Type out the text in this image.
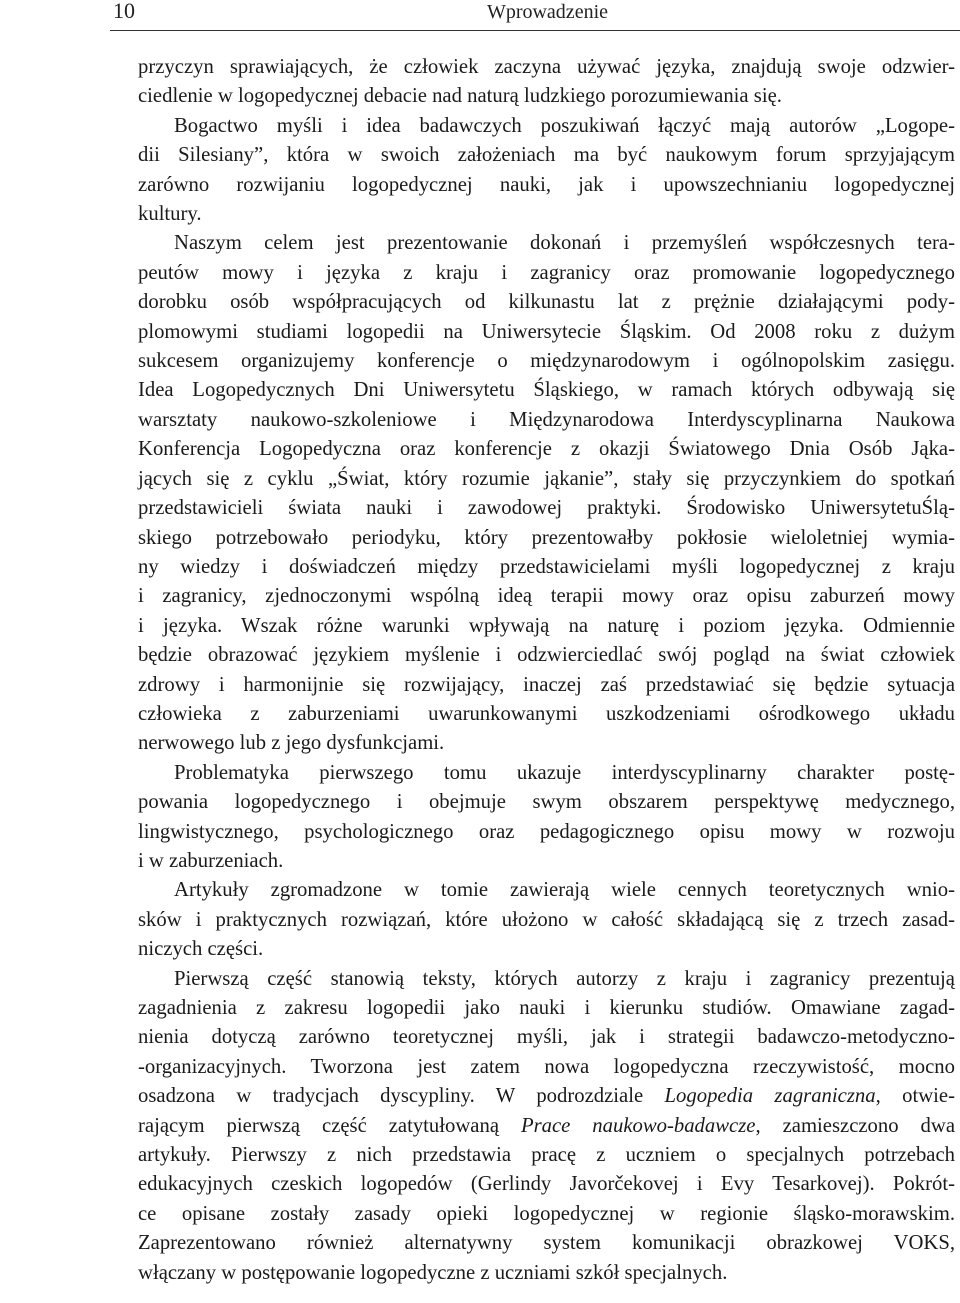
10	Wprowadzenie

przyczyn sprawiających, że człowiek zaczyna używać języka, znajdują swoje odzwier-
ciedlenie w logopedycznej debacie nad naturą ludzkiego porozumiewania się.

Bogactwo myśli i idea badawczych poszukiwań łączyć mają autorów „Logope-
dii Silesiany”, która w swoich założeniach ma być naukowym forum sprzyjającym
zarówno rozwijaniu logopedycznej nauki, jak i upowszechnianiu logopedycznej
kultury.

Naszym celem jest prezentowanie dokonań i przemyśleń współczesnych tera-
peutów mowy i języka z kraju i zagranicy oraz promowanie logopedycznego
dorobku osób współpracujących od kilkunastu lat z prężnie działającymi pody-
plomowymi studiami logopedii na Uniwersytecie Śląskim. Od 2008 roku z dużym
sukcesem organizujemy konferencje o międzynarodowym i ogólnopolskim zasięgu.
Idea Logopedycznych Dni Uniwersytetu Śląskiego, w ramach których odbywają się
warsztaty naukowo-szkoleniowe i Międzynarodowa Interdyscyplinarna Naukowa
Konferencja Logopedyczna oraz konferencje z okazji Światowego Dnia Osób Jąka-
jących się z cyklu „Świat, który rozumie jąkanie”, stały się przyczynkiem do spotkań
przedstawicieli świata nauki i zawodowej praktyki. Środowisko UniwersytetuŚlą-
skiego potrzebowało periodyku, który prezentowałby pokłosie wieloletniej wymia-
ny wiedzy i doświadczeń między przedstawicielami myśli logopedycznej z kraju
i zagranicy, zjednoczonymi wspólną ideą terapii mowy oraz opisu zaburzeń mowy
i języka. Wszak różne warunki wpływają na naturę i poziom języka. Odmiennie
będzie obrazować językiem myślenie i odzwierciedlać swój pogląd na świat człowiek
zdrowy i harmonijnie się rozwijający, inaczej zaś przedstawiać się będzie sytuacja
człowieka z zaburzeniami uwarunkowanymi uszkodzeniami ośrodkowego układu
nerwowego lub z jego dysfunkcjami.

Problematyka pierwszego tomu ukazuje interdyscyplinarny charakter postę-
powania logopedycznego i obejmuje swym obszarem perspektywę medycznego,
lingwistycznego, psychologicznego oraz pedagogicznego opisu mowy w rozwoju
i w zaburzeniach.

Artykuły zgromadzone w tomie zawierają wiele cennych teoretycznych wnio-
sków i praktycznych rozwiązań, które ułożono w całość składającą się z trzech zasad-
niczych części.

Pierwszą część stanowią teksty, których autorzy z kraju i zagranicy prezentują
zagadnienia z zakresu logopedii jako nauki i kierunku studiów. Omawiane zagad-
nienia dotyczą zarówno teoretycznej myśli, jak i strategii badawczo-metodyczno-
-organizacyjnych. Tworzona jest zatem nowa logopedyczna rzeczywistość, mocno
osadzona w tradycjach dyscypliny. W podrozdziale Logopedia zagraniczna, otwie-
rającym pierwszą część zatytułowaną Prace naukowo-badawcze, zamieszczono dwa
artykuły. Pierwszy z nich przedstawia pracę z uczniem o specjalnych potrzebach
edukacyjnych czeskich logopedów (Gerlindy Javorčekovej i Evy Tesarkovej). Pokrót-
ce opisane zostały zasady opieki logopedycznej w regionie śląsko-morawskim.
Zaprezentowano również alternatywny system komunikacji obrazkowej VOKS,
włączany w postępowanie logopedyczne z uczniami szkół specjalnych.
